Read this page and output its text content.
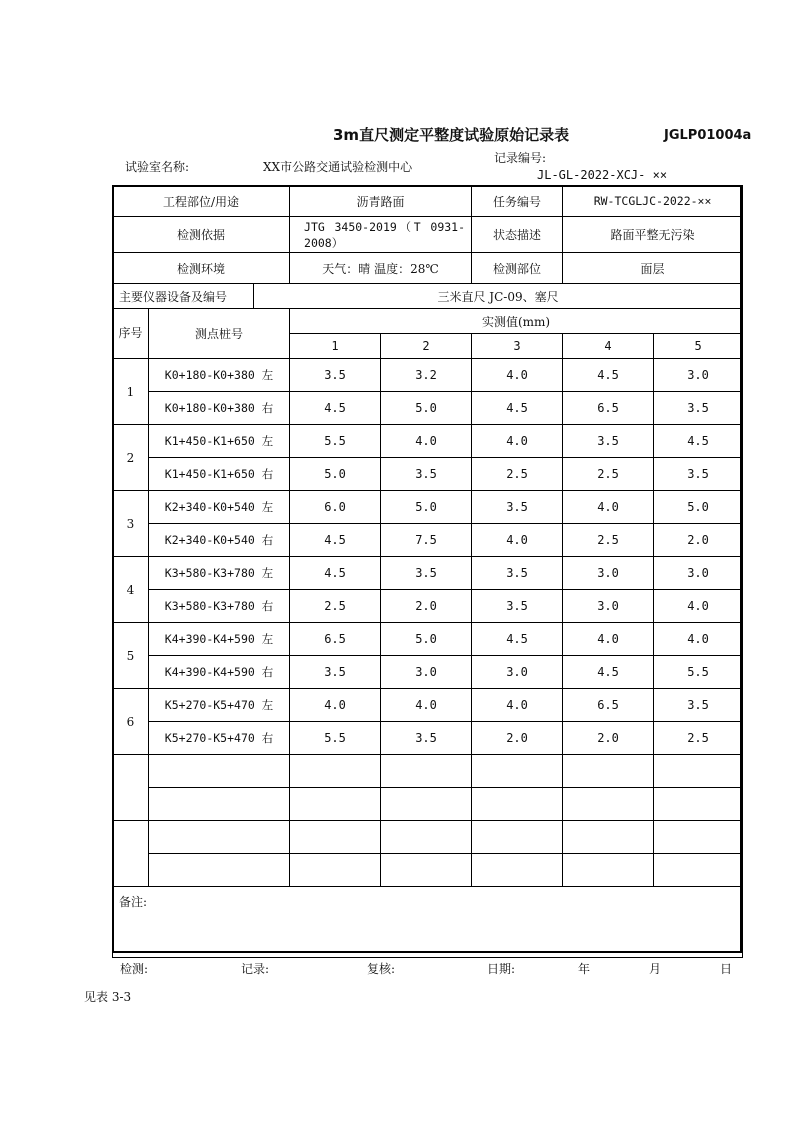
3m直尺测定平整度试验原始记录表	JGLP01004a
试验室名称:	XX市公路交通试验检测中心
记录编号:
JL-GL-2022-XCJ- ××
工程部位/用途			沥青路面		任务编号	RW-TCGLJC-2022-××	
检测依据			JTG 3450-2019（T 0931-2008）		状态描述	路面平整无污染	
检测环境			天气：晴 温度：28℃		检测部位	面层	
主要仪器设备及编号		三米直尺 JC-09、塞尺					
序号	测点桩号		实测值(mm)				
			1	2	3	4	5
1	K0+180-K0+380 左		3.5	3.2	4.0	4.5	3.0
	K0+180-K0+380 右		4.5	5.0	4.5	6.5	3.5
2	K1+450-K1+650 左		5.5	4.0	4.0	3.5	4.5
	K1+450-K1+650 右		5.0	3.5	2.5	2.5	3.5
3	K2+340-K0+540 左		6.0	5.0	3.5	4.0	5.0
	K2+340-K0+540 右		4.5	7.5	4.0	2.5	2.0
4	K3+580-K3+780 左		4.5	3.5	3.5	3.0	3.0
	K3+580-K3+780 右		2.5	2.0	3.5	3.0	4.0
5	K4+390-K4+590 左		6.5	5.0	4.5	4.0	4.0
	K4+390-K4+590 右		3.5	3.0	3.0	4.5	5.5
6	K5+270-K5+470 左		4.0	4.0	4.0	6.5	3.5
	K5+270-K5+470 右		5.5	3.5	2.0	2.0	2.5

备注:							
检测:	记录:	复核:	日期:	年	月	日
见表 3-3
